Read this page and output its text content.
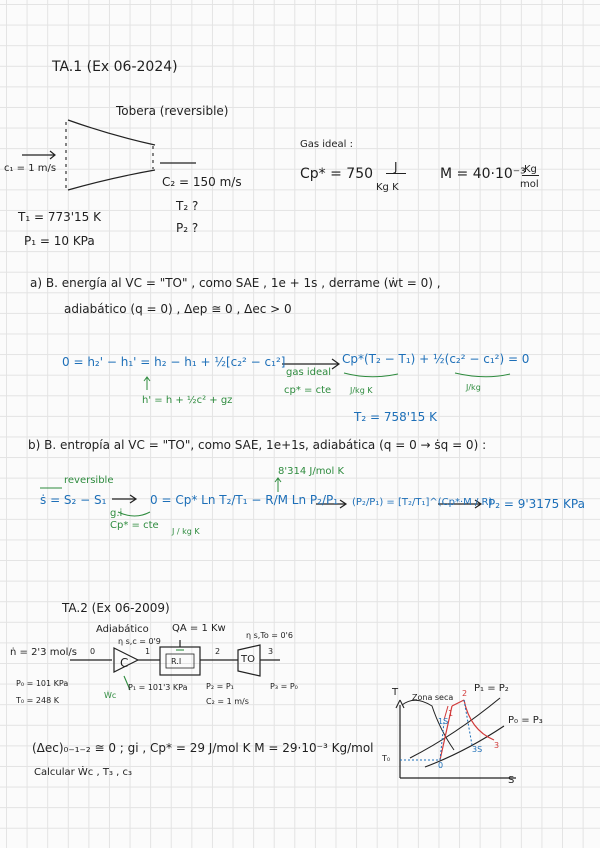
TA.1 (Ex 06-2024)
Tobera (reversible)
c₁ = 1 m/s
C₂ = 150 m/s
T₂ ?
P₂ ?
T₁ = 773'15 K
P₁ = 10 KPa
Gas ideal :
Cp* = 750	J
Kg K
M = 40·10⁻³
Kg
mol
a) B. energía al VC = "TO" , como SAE , 1e + 1s , derrame (ẇt = 0) ,
adiabático (q = 0) , Δep ≅ 0 , Δec > 0
0 = h₂' − h₁' = h₂ − h₁ + ½[c₂² − c₁²]	Cp*(T₂ − T₁) + ½(c₂² − c₁²) = 0
gas ideal
cp* = cte J/kg K	J/kg
h' = h + ½c² + gz
T₂ = 758'15 K
b) B. entropía al VC = "TO", como SAE, 1e+1s, adiabática (q = 0 → ṡq = 0) :
reversible
8'314 J/mol K
ṡ = S₂ − S₁	0 = Cp* Ln T₂/T₁ − R/M Ln P₂/P₁
g.i
Cp* = cte
J / kg K
(P₂/P₁) = [T₂/T₁]^(Cp*·M / R)
P₂ = 9'3175 KPa
TA.2 (Ex 06-2009)
Adiabático
η s,c = 0'9
QA = 1 Kw
η s,To = 0'6
ṅ = 2'3 mol/s
C	R.I	TO
0	1	2	3
P₀ = 101 KPa
T₀ = 248 K
P₁ = 101'3 KPa P₂ = P₁
C₂ = 1 m/s
P₃ = P₀
Ẇc
(Δec)₀₋₁₋₂ ≅ 0 ; gi , Cp* = 29 J/mol K M = 29·10⁻³ Kg/mol
Calcular Ẇc , T₃ , c₃
T
S
Zona seca
P₁ = P₂
P₀ = P₃
T₀
1S
1
2
3
3S
0
